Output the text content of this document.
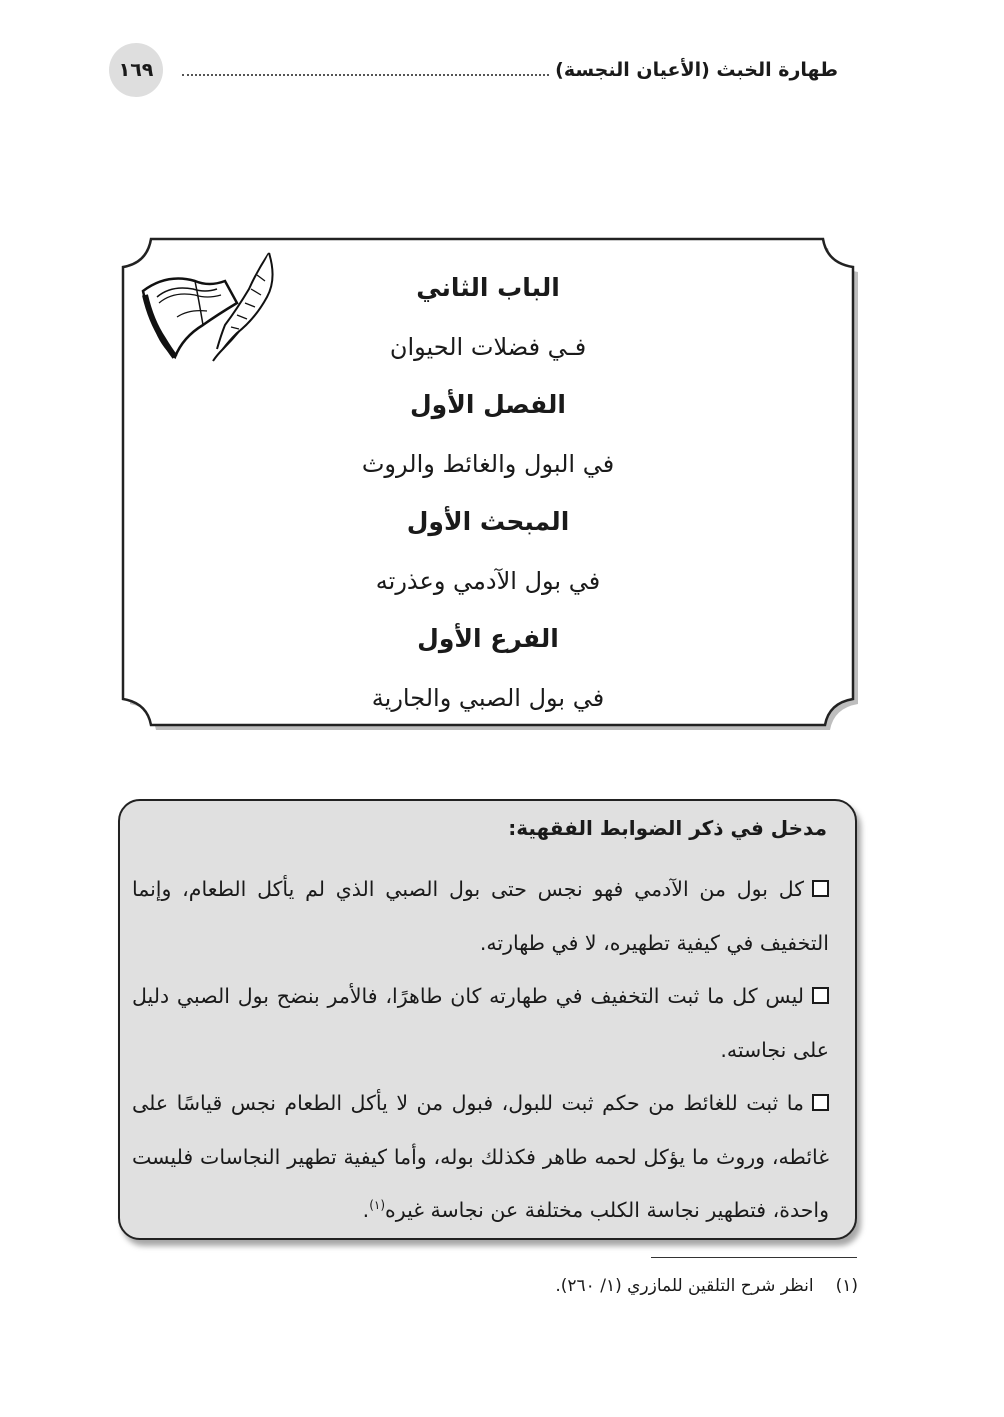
١٦٩	طهارة الخبث (الأعيان النجسة)
الباب الثاني
فـي فضلات الحيوان
الفصل الأول
في البول والغائط والروث
المبحث الأول
في بول الآدمي وعذرته
الفرع الأول
في بول الصبي والجارية
مدخل في ذكر الضوابط الفقهية:

كل بول من الآدمي فهو نجس حتى بول الصبي الذي لم يأكل الطعام، وإنما التخفيف في كيفية تطهيره، لا في طهارته.

ليس كل ما ثبت التخفيف في طهارته كان طاهرًا، فالأمر بنضح بول الصبي دليل على نجاسته.

ما ثبت للغائط من حكم ثبت للبول، فبول من لا يأكل الطعام نجس قياسًا على غائطه، وروث ما يؤكل لحمه طاهر فكذلك بوله، وأما كيفية تطهير النجاسات فليست واحدة، فتطهير نجاسة الكلب مختلفة عن نجاسة غيره$^{(١)}$.

(١)انظر شرح التلقين للمازري (١/ ٢٦٠).
